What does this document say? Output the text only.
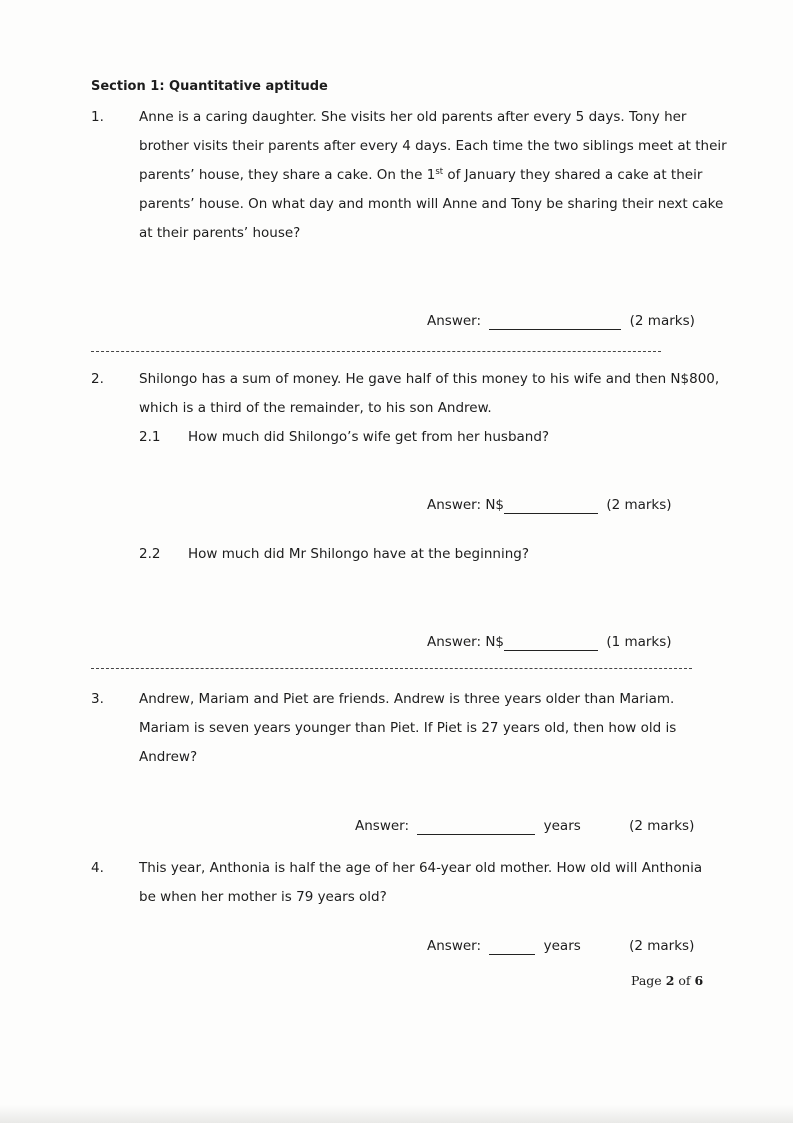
Section 1: Quantitative aptitude
1.	Anne is a caring daughter. She visits her old parents after every 5 days. Tony her
brother visits their parents after every 4 days. Each time the two siblings meet at their
parents’ house, they share a cake. On the 1st of January they shared a cake at their
parents’ house. On what day and month will Anne and Tony be sharing their next cake
at their parents’ house?
Answer:	(2 marks)
2.	Shilongo has a sum of money. He gave half of this money to his wife and then N$800,
which is a third of the remainder, to his son Andrew.
2.1 How much did Shilongo’s wife get from her husband?
Answer: N$	(2 marks)
2.2 How much did Mr Shilongo have at the beginning?
Answer: N$	(1 marks)
3.	Andrew, Mariam and Piet are friends. Andrew is three years older than Mariam.
Mariam is seven years younger than Piet. If Piet is 27 years old, then how old is
Andrew?
Answer:	years	(2 marks)
4.	This year, Anthonia is half the age of her 64-year old mother. How old will Anthonia
be when her mother is 79 years old?
Answer:	years	(2 marks)
Page 2 of 6
